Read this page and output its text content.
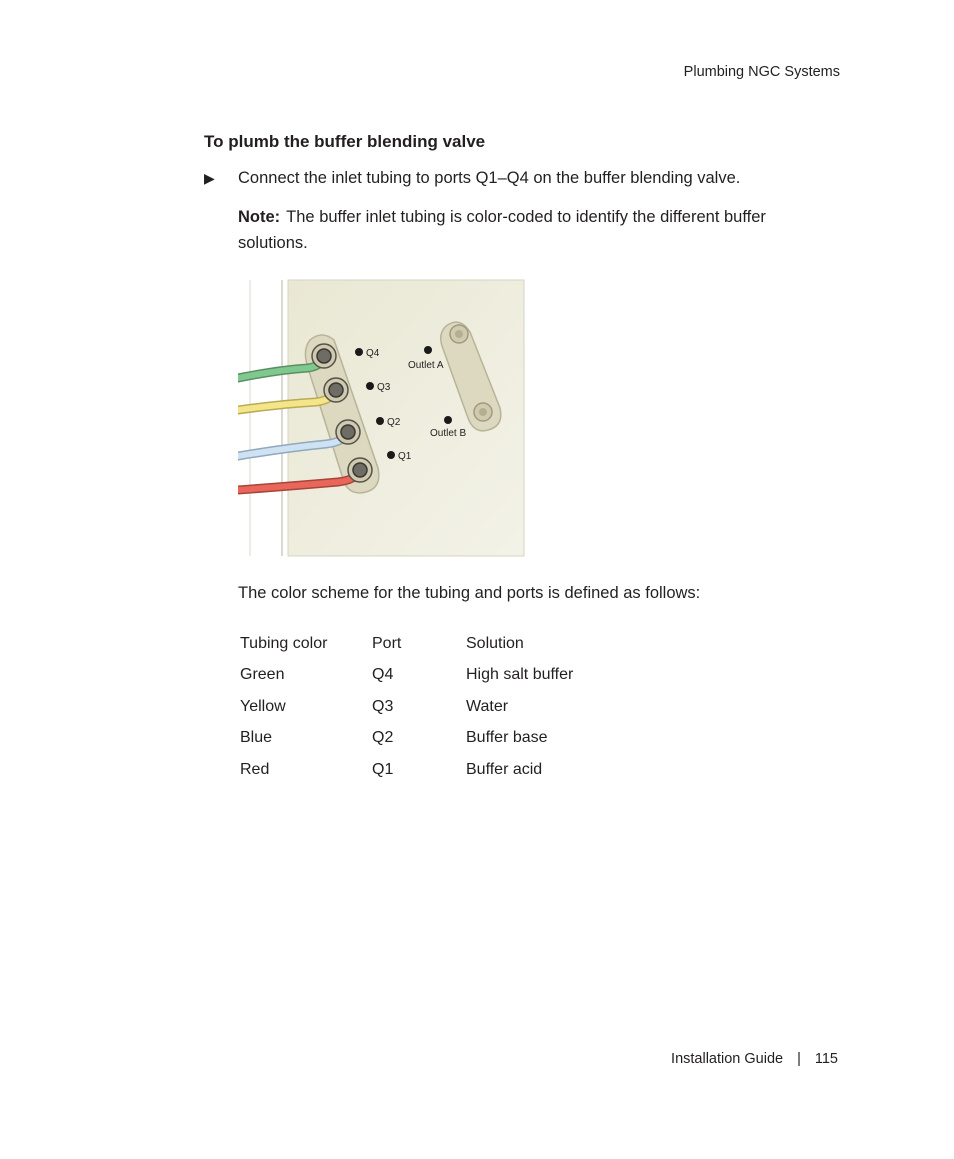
Plumbing NGC Systems
To plumb the buffer blending valve
▶ Connect the inlet tubing to ports Q1–Q4 on the buffer blending valve.
Note: The buffer inlet tubing is color-coded to identify the different buffer solutions.
Q4
Q3
Q2
Q1
Outlet A
Outlet B
The color scheme for the tubing and ports is defined as follows:
Tubing color	Port	Solution
Green	Q4	High salt buffer
Yellow	Q3	Water
Blue	Q2	Buffer base
Red	Q1	Buffer acid
Installation Guide | 115
